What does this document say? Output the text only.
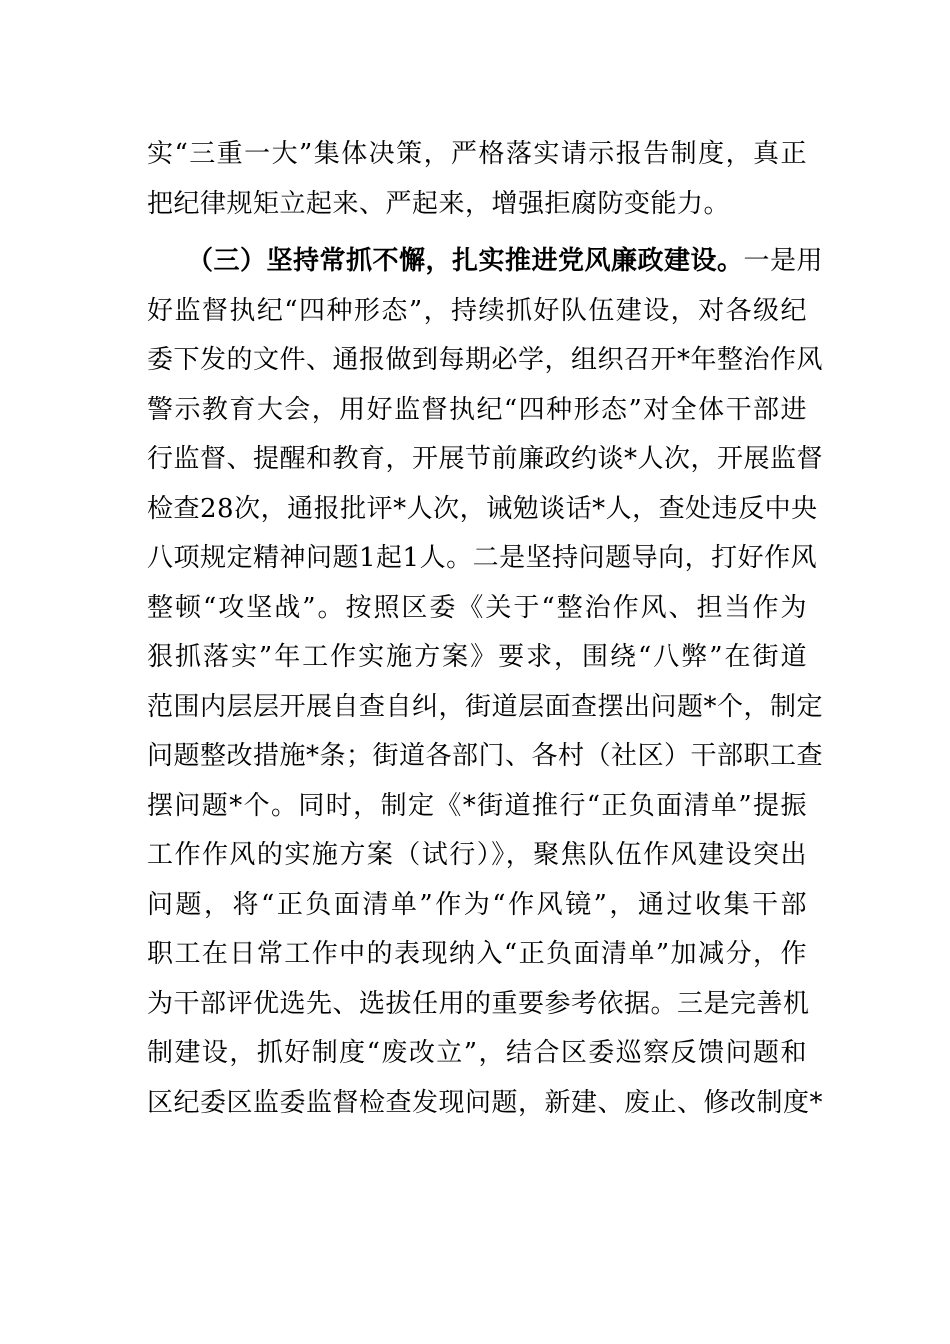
实“三重一大”集体决策，严格落实请示报告制度，真正
把纪律规矩立起来、严起来，增强拒腐防变能力。
（三）坚持常抓不懈，扎实推进党风廉政建设。一是用
好监督执纪“四种形态”，持续抓好队伍建设，对各级纪
委下发的文件、通报做到每期必学，组织召开*年整治作风
警示教育大会，用好监督执纪“四种形态”对全体干部进
行监督、提醒和教育，开展节前廉政约谈*人次，开展监督
检查28次，通报批评*人次，诫勉谈话*人，查处违反中央
八项规定精神问题1起1人。二是坚持问题导向，打好作风
整顿“攻坚战”。按照区委《关于“整治作风、担当作为
狠抓落实”年工作实施方案》要求，围绕“八弊”在街道
范围内层层开展自查自纠，街道层面查摆出问题*个，制定
问题整改措施*条；街道各部门、各村（社区）干部职工查
摆问题*个。同时，制定《*街道推行“正负面清单”提振
工作作风的实施方案（试行）》，聚焦队伍作风建设突出
问题，将“正负面清单”作为“作风镜”，通过收集干部
职工在日常工作中的表现纳入“正负面清单”加减分，作
为干部评优选先、选拔任用的重要参考依据。三是完善机
制建设，抓好制度“废改立”，结合区委巡察反馈问题和
区纪委区监委监督检查发现问题，新建、废止、修改制度*
